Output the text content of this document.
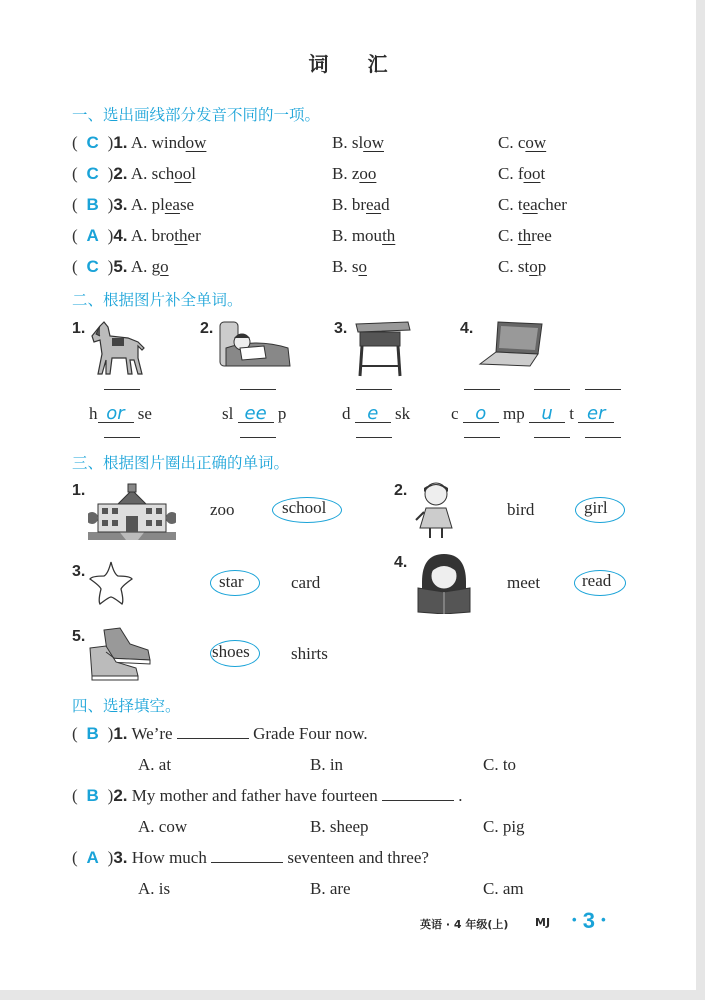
词 汇
一、选出画线部分发音不同的一项。
( C )1. A. window	B. slow	C. cow
( C )2. A. school	B. zoo	C. foot
( B )3. A. please	B. bread	C. teacher
( A )4. A. brother	B. mouth	C. three
( C )5. A. go	B. so	C. stop
二、根据图片补全单词。
1.	2.	3.	4.
h or se	sl ee p	d e sk c o mp u t er
三、根据图片圈出正确的单词。
1.
zoo	school
2.
bird	girl
3.
star	card
4.
meet read
5.
shoes shirts
四、选择填空。
( B )1. We’re	Grade Four now.
A. at	B. in	C. to
( B )2. My mother and father have fourteen	.
A. cow	B. sheep	C. pig
( A )3. How much	seventeen and three?
A. is	B. are	C. am
英语 · 4 年级(上) MJ • 3 •
